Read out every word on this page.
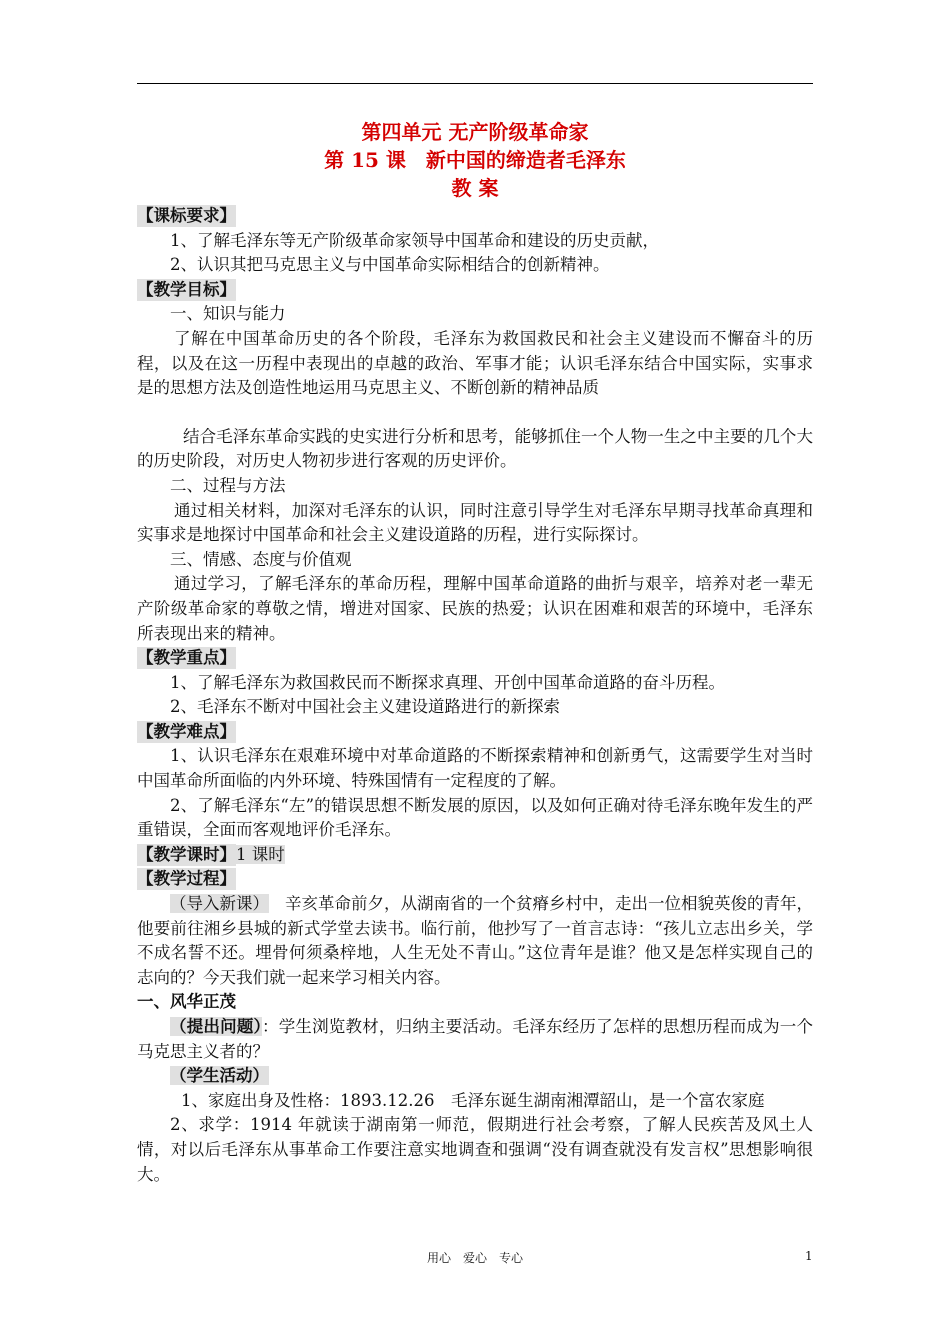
第四单元 无产阶级革命家
第 15 课　新中国的缔造者毛泽东
教 案
【课标要求】
1、了解毛泽东等无产阶级革命家领导中国革命和建设的历史贡献，
2、认识其把马克思主义与中国革命实际相结合的创新精神。
【教学目标】
一、知识与能力
了解在中国革命历史的各个阶段，毛泽东为救国救民和社会主义建设而不懈奋斗的历程，以及在这一历程中表现出的卓越的政治、军事才能；认识毛泽东结合中国实际，实事求是的思想方法及创造性地运用马克思主义、不断创新的精神品质
结合毛泽东革命实践的史实进行分析和思考，能够抓住一个人物一生之中主要的几个大的历史阶段，对历史人物初步进行客观的历史评价。
二、过程与方法
通过相关材料，加深对毛泽东的认识，同时注意引导学生对毛泽东早期寻找革命真理和实事求是地探讨中国革命和社会主义建设道路的历程，进行实际探讨。
三、情感、态度与价值观
通过学习，了解毛泽东的革命历程，理解中国革命道路的曲折与艰辛，培养对老一辈无产阶级革命家的尊敬之情，增进对国家、民族的热爱；认识在困难和艰苦的环境中，毛泽东所表现出来的精神。
【教学重点】
1、了解毛泽东为救国救民而不断探求真理、开创中国革命道路的奋斗历程。
2、毛泽东不断对中国社会主义建设道路进行的新探索
【教学难点】
1、认识毛泽东在艰难环境中对革命道路的不断探索精神和创新勇气，这需要学生对当时中国革命所面临的内外环境、特殊国情有一定程度的了解。
2、了解毛泽东“左”的错误思想不断发展的原因，以及如何正确对待毛泽东晚年发生的严重错误，全面而客观地评价毛泽东。
【教学课时】1 课时
【教学过程】
（导入新课） 辛亥革命前夕，从湖南省的一个贫瘠乡村中，走出一位相貌英俊的青年，他要前往湘乡县城的新式学堂去读书。临行前，他抄写了一首言志诗：“孩儿立志出乡关，学不成名誓不还。埋骨何须桑梓地，人生无处不青山。”这位青年是谁？他又是怎样实现自己的志向的？今天我们就一起来学习相关内容。
一、风华正茂
（提出问题）：学生浏览教材，归纳主要活动。毛泽东经历了怎样的思想历程而成为一个马克思主义者的？
（学生活动）
1、家庭出身及性格：1893.12.26　毛泽东诞生湖南湘潭韶山，是一个富农家庭
2、求学：1914 年就读于湖南第一师范，假期进行社会考察，了解人民疾苦及风土人情，对以后毛泽东从事革命工作要注意实地调查和强调“没有调查就没有发言权”思想影响很大。
用心　爱心　专心	1
